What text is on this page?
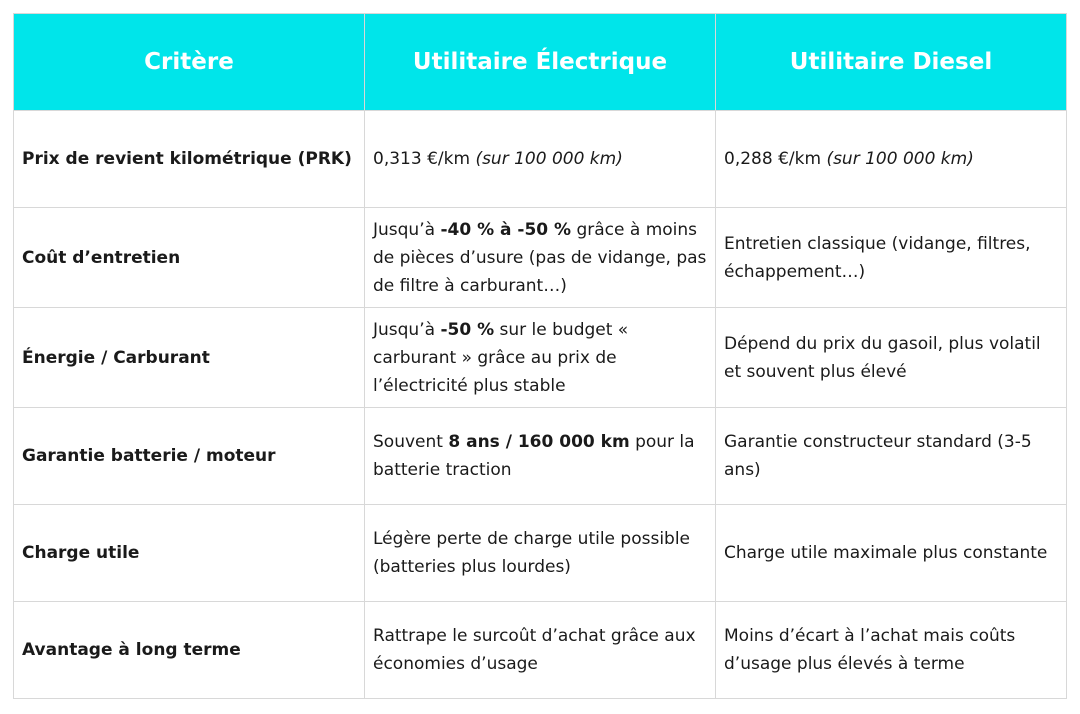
Critère	Utilitaire Électrique	Utilitaire Diesel
Prix de revient kilométrique (PRK)	0,313 €/km (sur 100 000 km)	0,288 €/km (sur 100 000 km)
Coût d’entretien	Jusqu’à -40 % à -50 % grâce à moins de pièces d’usure (pas de vidange, pas de filtre à carburant…)	Entretien classique (vidange, filtres, échappement…)
Énergie / Carburant	Jusqu’à -50 % sur le budget « carburant » grâce au prix de l’électricité plus stable	Dépend du prix du gasoil, plus volatil et souvent plus élevé
Garantie batterie / moteur	Souvent 8 ans / 160 000 km pour la batterie traction	Garantie constructeur standard (3-5 ans)
Charge utile	Légère perte de charge utile possible (batteries plus lourdes)	Charge utile maximale plus constante
Avantage à long terme	Rattrape le surcoût d’achat grâce aux économies d’usage	Moins d’écart à l’achat mais coûts d’usage plus élevés à terme
